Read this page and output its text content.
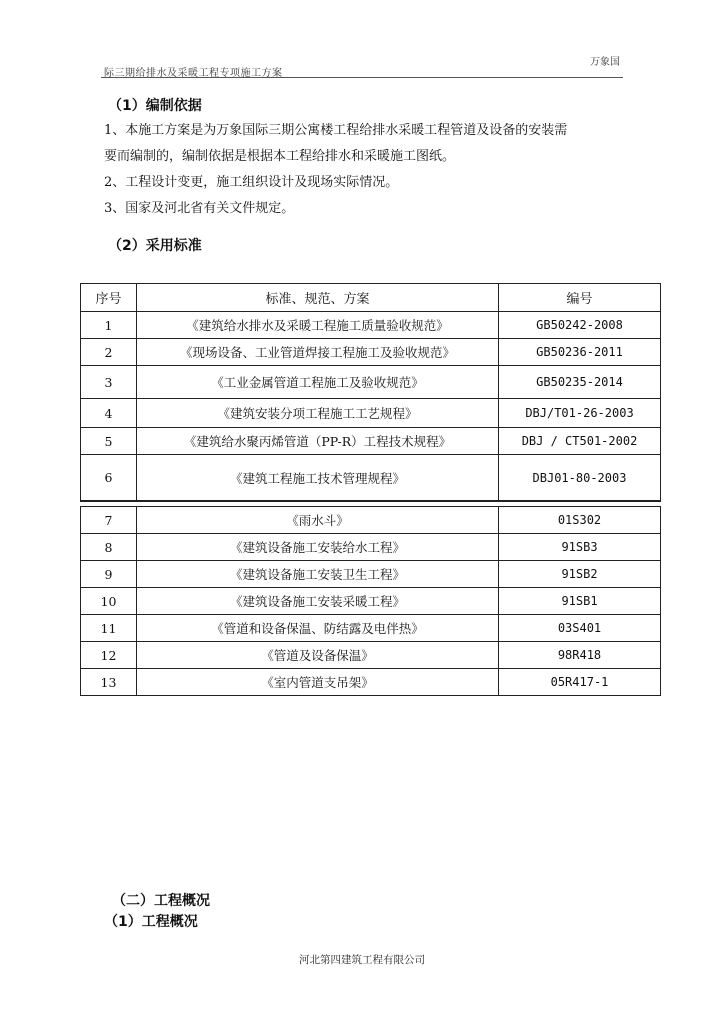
万象国
际三期给排水及采暖工程专项施工方案
（1）编制依据
1、本施工方案是为万象国际三期公寓楼工程给排水采暖工程管道及设备的安装需
要而编制的，编制依据是根据本工程给排水和采暖施工图纸。
2、工程设计变更，施工组织设计及现场实际情况。
3、国家及河北省有关文件规定。
（2）采用标准
序号	标准、规范、方案	编号
1	《建筑给水排水及采暖工程施工质量验收规范》	GB50242-2008
2	《现场设备、工业管道焊接工程施工及验收规范》	GB50236-2011
3	《工业金属管道工程施工及验收规范》	GB50235-2014
4	《建筑安装分项工程施工工艺规程》	DBJ/T01-26-2003
5	《建筑给水聚丙烯管道（PP-R）工程技术规程》	DBJ / CT501-2002
6	《建筑工程施工技术管理规程》	DBJ01-80-2003

7	《雨水斗》	01S302
8	《建筑设备施工安装给水工程》	91SB3
9	《建筑设备施工安装卫生工程》	91SB2
10	《建筑设备施工安装采暖工程》	91SB1
11	《管道和设备保温、防结露及电伴热》	03S401
12	《管道及设备保温》	98R418
13	《室内管道支吊架》	05R417-1
（二）工程概况
（1）工程概况
河北第四建筑工程有限公司
